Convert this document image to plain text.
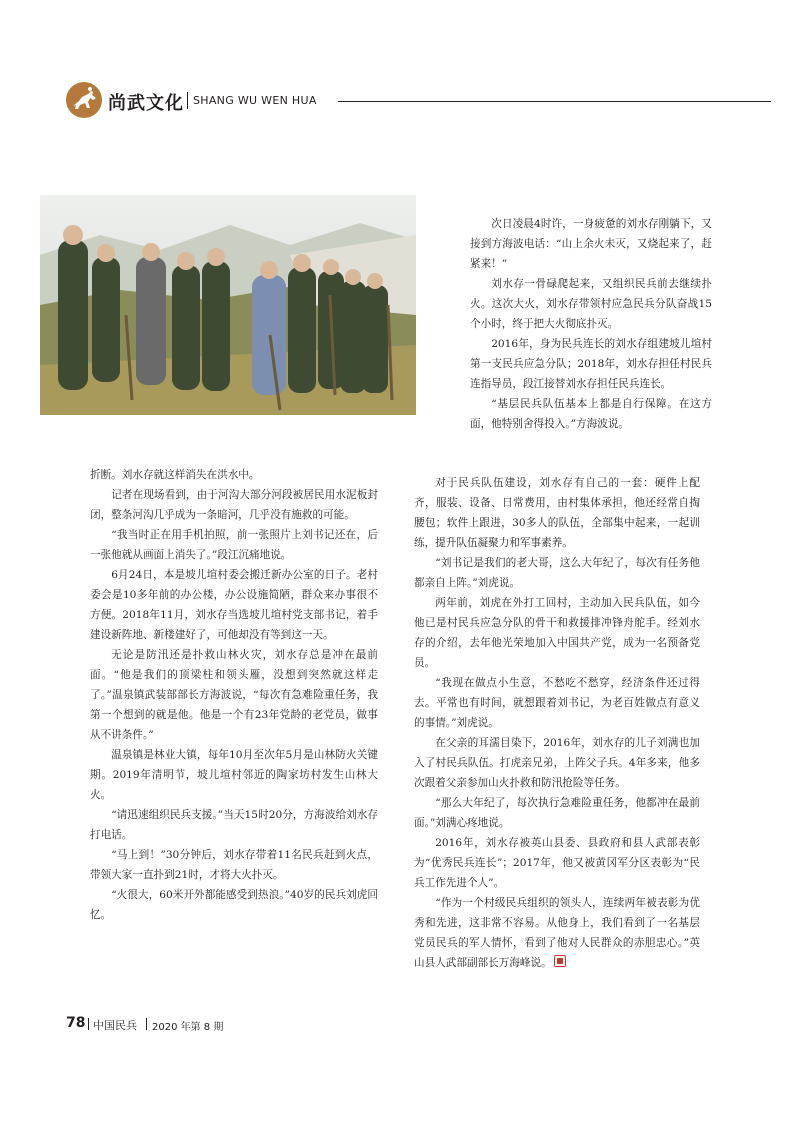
尚武文化 SHANG WU WEN HUA

次日凌晨4时许，一身疲惫的刘水存刚躺下，又接到方海波电话：“山上余火未灭，又烧起来了，赶紧来！”

刘水存一骨碌爬起来，又组织民兵前去继续扑火。这次大火，刘水存带领村应急民兵分队奋战15个小时，终于把大火彻底扑灭。

2016年，身为民兵连长的刘水存组建坡儿塇村第一支民兵应急分队；2018年，刘水存担任村民兵连指导员，段江接替刘水存担任民兵连长。

“基层民兵队伍基本上都是自行保障。在这方面，他特别舍得投入。”方海波说。

折断。刘水存就这样消失在洪水中。

记者在现场看到，由于河沟大部分河段被居民用水泥板封闭，整条河沟几乎成为一条暗河，几乎没有施救的可能。

“我当时正在用手机拍照，前一张照片上刘书记还在，后一张他就从画面上消失了。”段江沉痛地说。

6月24日，本是坡儿塇村委会搬迁新办公室的日子。老村委会是10多年前的办公楼，办公设施简陋，群众来办事很不方便。2018年11月，刘水存当选坡儿塇村党支部书记，着手建设新阵地、新楼建好了，可他却没有等到这一天。

无论是防汛还是扑救山林火灾，刘水存总是冲在最前面。“他是我们的顶梁柱和领头雁，没想到突然就这样走了。”温泉镇武装部部长方海波说，“每次有急难险重任务，我第一个想到的就是他。他是一个有23年党龄的老党员，做事从不讲条件。”

温泉镇是林业大镇，每年10月至次年5月是山林防火关键期。2019年清明节，坡儿塇村邻近的陶家坊村发生山林大火。

“请迅速组织民兵支援。”当天15时20分，方海波给刘水存打电话。

“马上到！”30分钟后，刘水存带着11名民兵赶到火点，带领大家一直扑到21时，才将大火扑灭。

“火很大，60米开外都能感受到热浪。”40岁的民兵刘虎回忆。

对于民兵队伍建设，刘水存有自己的一套：硬件上配齐，服装、设备、日常费用，由村集体承担，他还经常自掏腰包；软件上跟进，30多人的队伍，全部集中起来，一起训练，提升队伍凝聚力和军事素养。

“刘书记是我们的老大哥，这么大年纪了，每次有任务他都亲自上阵。”刘虎说。

两年前，刘虎在外打工回村，主动加入民兵队伍，如今他已是村民兵应急分队的骨干和救援排冲锋舟舵手。经刘水存的介绍，去年他光荣地加入中国共产党，成为一名预备党员。

“我现在做点小生意，不愁吃不愁穿，经济条件还过得去。平常也有时间，就想跟着刘书记，为老百姓做点有意义的事情。”刘虎说。

在父亲的耳濡目染下，2016年，刘水存的儿子刘满也加入了村民兵队伍。打虎亲兄弟，上阵父子兵。4年多来，他多次跟着父亲参加山火扑救和防汛抢险等任务。

“那么大年纪了，每次执行急难险重任务，他都冲在最前面。”刘满心疼地说。

2016年，刘水存被英山县委、县政府和县人武部表彰为“优秀民兵连长”；2017年，他又被黄冈军分区表彰为“民兵工作先进个人”。

“作为一个村级民兵组织的领头人，连续两年被表彰为优秀和先进，这非常不容易。从他身上，我们看到了一名基层党员民兵的军人情怀，看到了他对人民群众的赤胆忠心。”英山县人武部副部长万海峰说。

78 中国民兵 2020 年第 8 期
